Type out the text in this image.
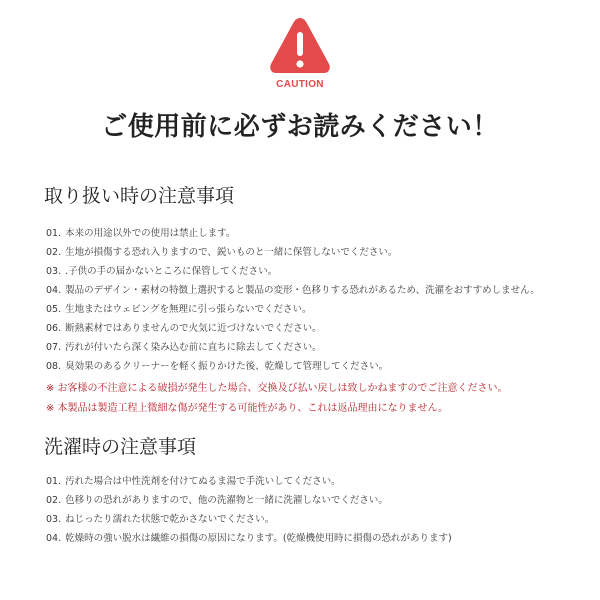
CAUTION
ご使用前に必ずお読みください！
取り扱い時の注意事項
01. 本来の用途以外での使用は禁止します。
02. 生地が損傷する恐れ入りますので、鋭いものと一緒に保管しないでください。
03. .子供の手の届かないところに保管してください。
04. 製品のデザイン・素材の特徴上選択すると製品の変形・色移りする恐れがあるため、洗濯をおすすめしません。
05. 生地またはウェビングを無理に引っ張らないでください。
06. 断熱素材ではありませんので火気に近づけないでください。
07. 汚れが付いたら深く染み込む前に直ちに除去してください。
08. 臭効果のあるクリーナーを軽く振りかけた後、乾燥して管理してください。

※ お客様の不注意による破損が発生した場合、交換及び払い戻しは致しかねますのでご注意ください。

※ 本製品は製造工程上微細な傷が発生する可能性があり、これは返品理由になりません。

洗濯時の注意事項
01. 汚れた場合は中性洗剤を付けてぬるま湯で手洗いしてください。
02. 色移りの恐れがありますので、他の洗濯物と一緒に洗濯しないでください。
03. ねじったり濡れた状態で乾かさないでください。
04. 乾燥時の強い脱水は繊維の損傷の原因になります。(乾燥機使用時に損傷の恐れがあります)
